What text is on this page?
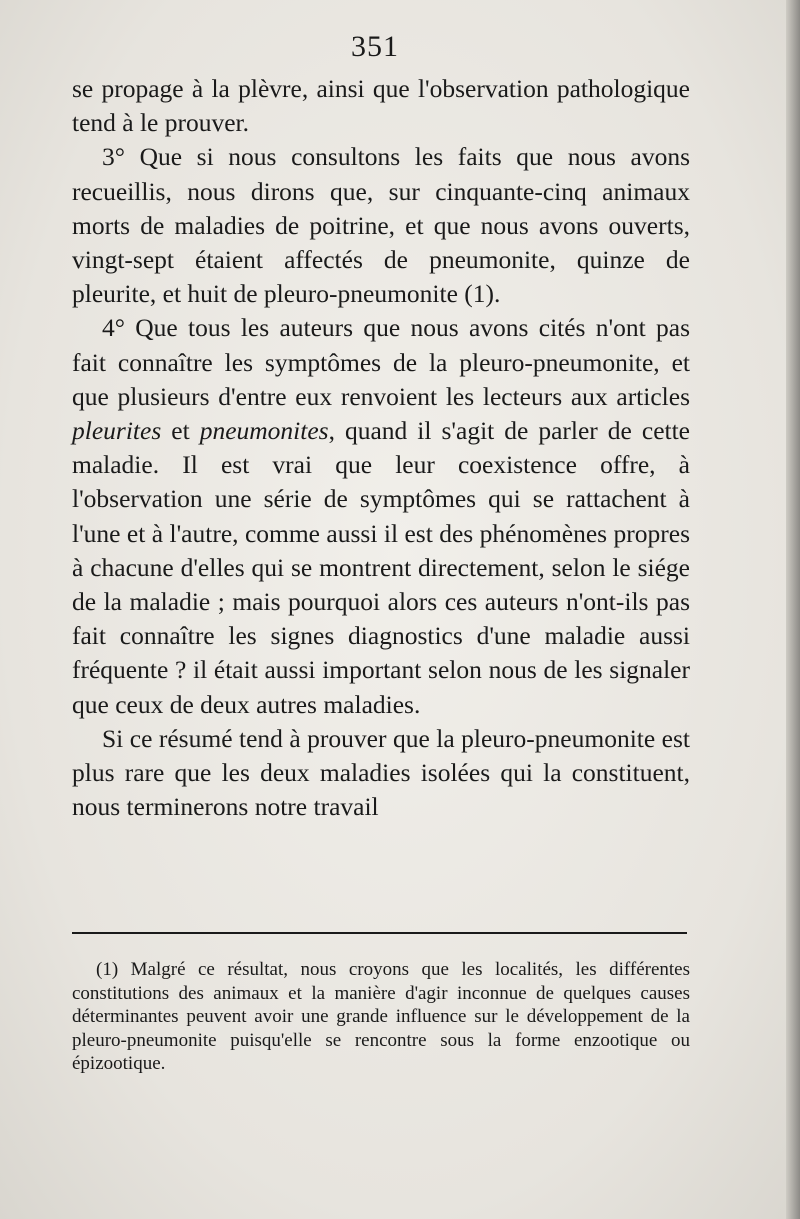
351

se propage à la plèvre, ainsi que l'observation pathologique tend à le prouver.

3° Que si nous consultons les faits que nous avons recueillis, nous dirons que, sur cinquante-cinq animaux morts de maladies de poitrine, et que nous avons ouverts, vingt-sept étaient affectés de pneumonite, quinze de pleurite, et huit de pleuro-pneumonite (1).

4° Que tous les auteurs que nous avons cités n'ont pas fait connaître les symptômes de la pleuro-pneumonite, et que plusieurs d'entre eux renvoient les lecteurs aux articles pleurites et pneumonites, quand il s'agit de parler de cette maladie. Il est vrai que leur coexistence offre, à l'observation une série de symptômes qui se rattachent à l'une et à l'autre, comme aussi il est des phénomènes propres à chacune d'elles qui se montrent directement, selon le siége de la maladie ; mais pourquoi alors ces auteurs n'ont-ils pas fait connaître les signes diagnostics d'une maladie aussi fréquente ? il était aussi important selon nous de les signaler que ceux de deux autres maladies.

Si ce résumé tend à prouver que la pleuro-pneumonite est plus rare que les deux maladies isolées qui la constituent, nous terminerons notre travail

(1) Malgré ce résultat, nous croyons que les localités, les différentes constitutions des animaux et la manière d'agir inconnue de quelques causes déterminantes peuvent avoir une grande influence sur le développement de la pleuro-pneumonite puisqu'elle se rencontre sous la forme enzootique ou épizootique.
